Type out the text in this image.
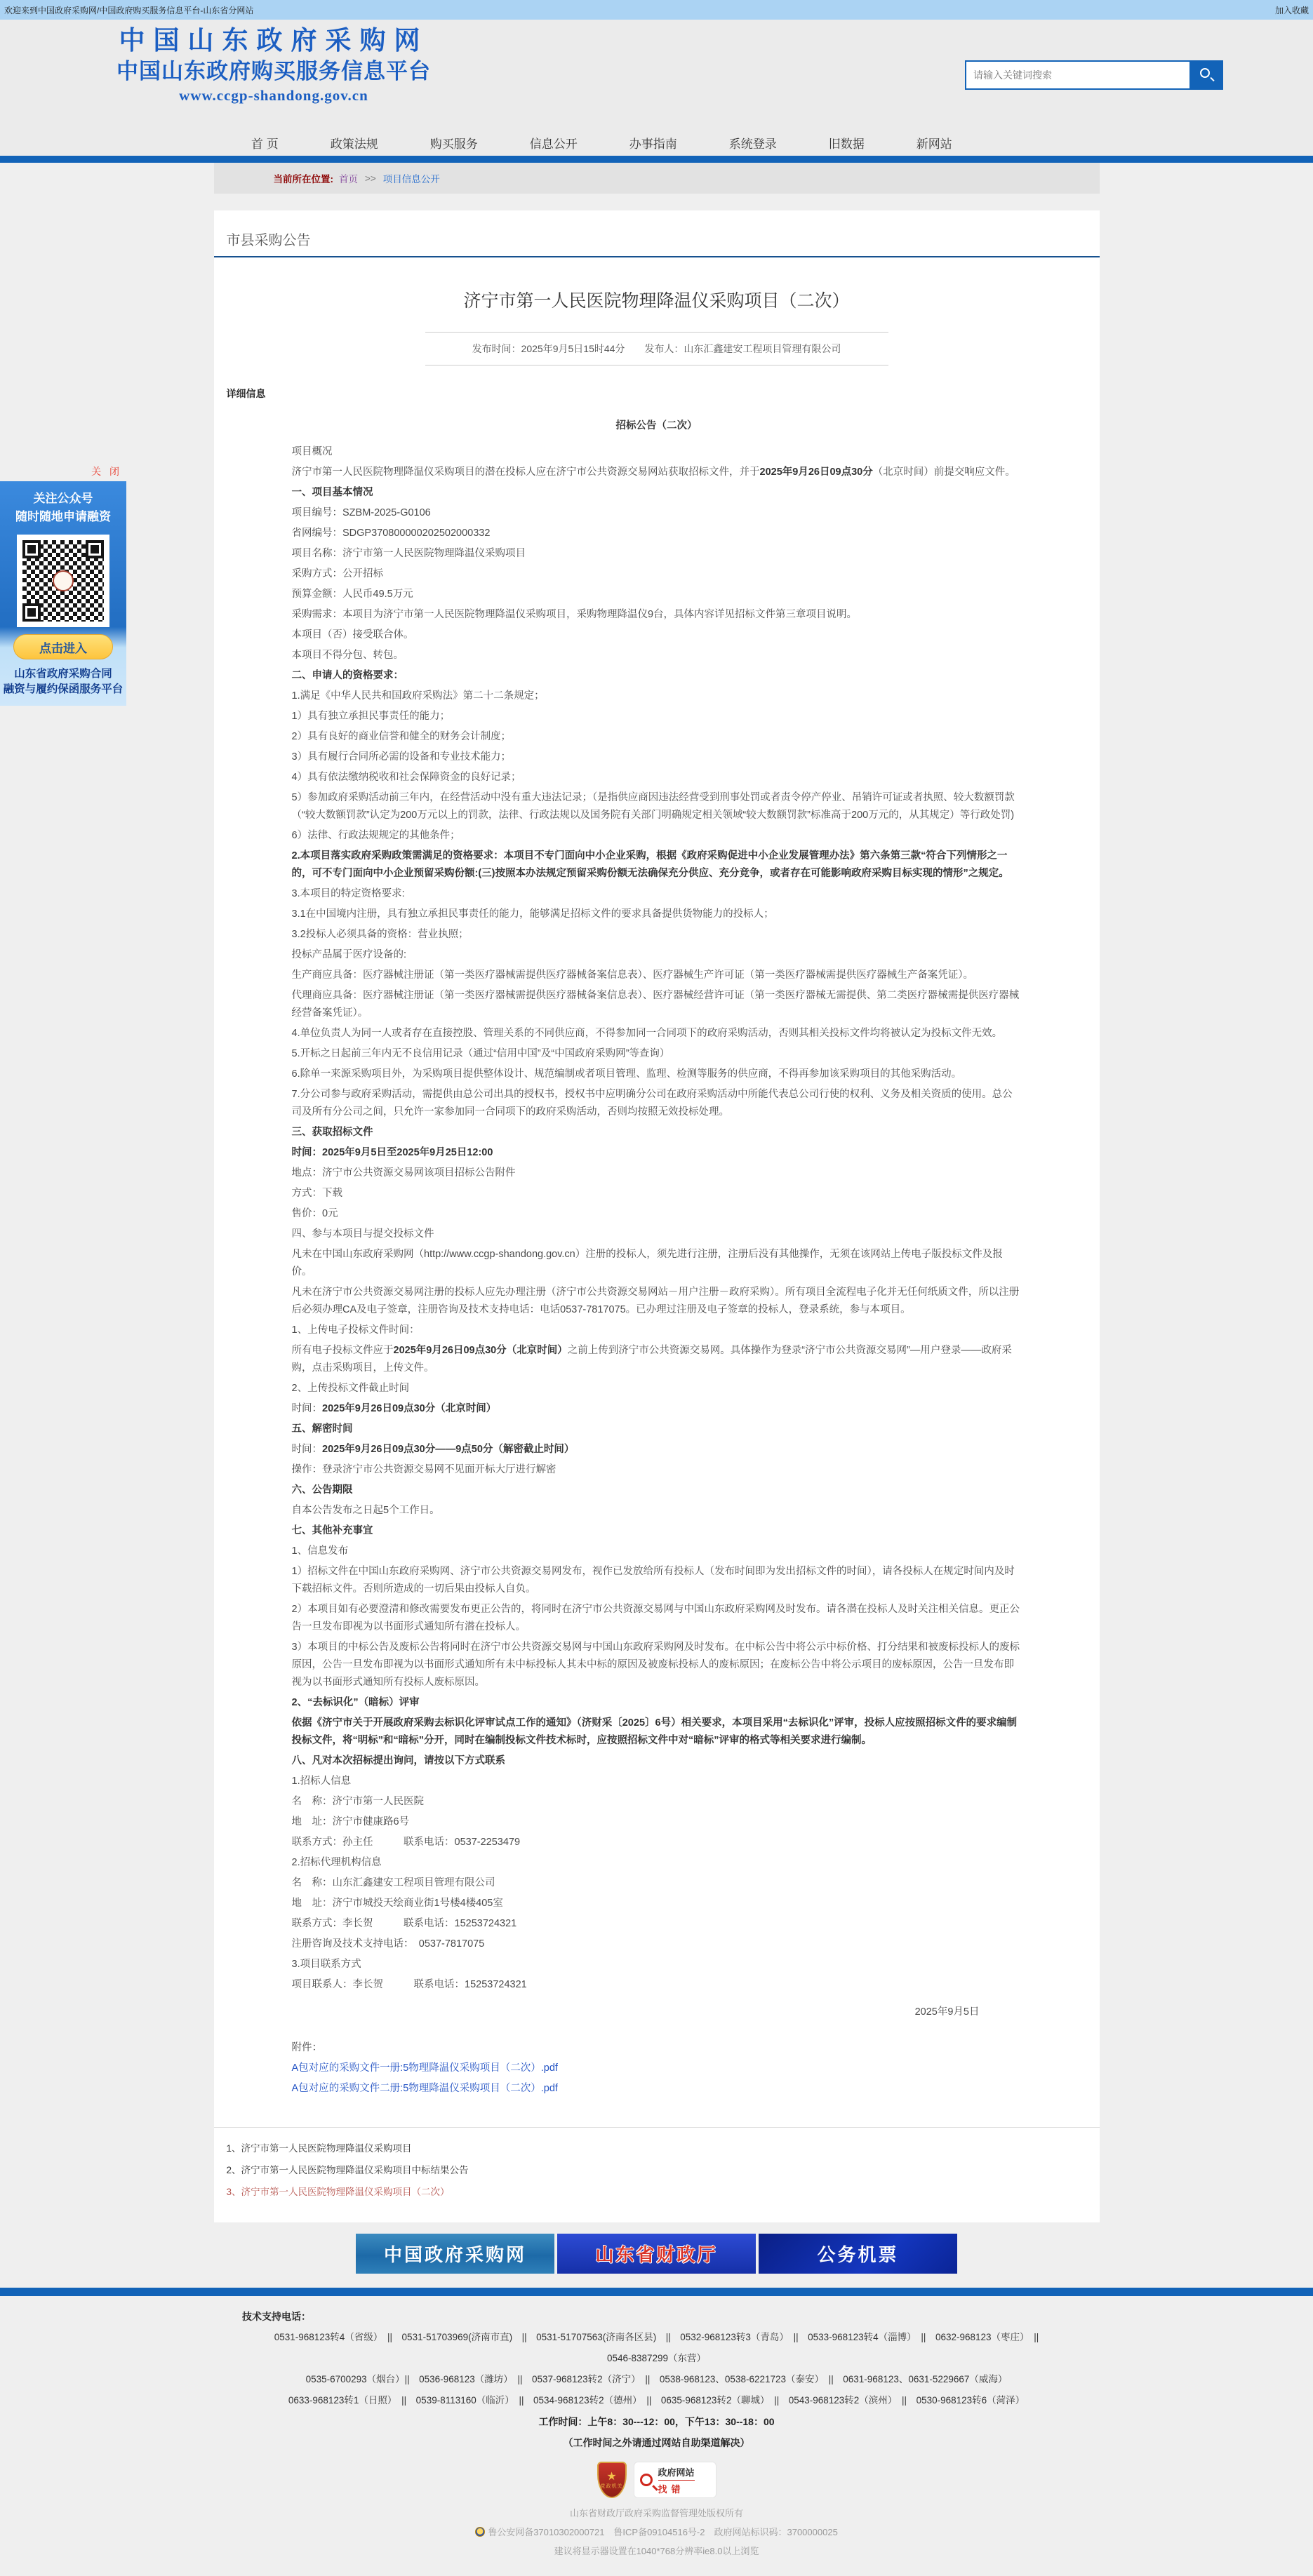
欢迎来到中国政府采购网/中国政府购买服务信息平台-山东省分网站	加入收藏
中国山东政府采购网
中国山东政府购买服务信息平台
www.ccgp-shandong.gov.cn
请输入关键词搜索
首 页	政策法规	购买服务	信息公开	办事指南	系统登录	旧数据	新网站
当前所在位置: 首页 >> 项目信息公开
市县采购公告
济宁市第一人民医院物理降温仪采购项目（二次）
发布时间：2025年9月5日15时44分　　发布人：山东汇鑫建安工程项目管理有限公司
详细信息

招标公告（二次）

项目概况

济宁市第一人民医院物理降温仪采购项目的潜在投标人应在济宁市公共资源交易网站获取招标文件，并于2025年9月26日09点30分（北京时间）前提交响应文件。

一、项目基本情况

项目编号：SZBM-2025-G0106

省网编号：SDGP370800000202502000332

项目名称：济宁市第一人民医院物理降温仪采购项目

采购方式：公开招标

预算金额：人民币49.5万元

采购需求：本项目为济宁市第一人民医院物理降温仪采购项目，采购物理降温仪9台，具体内容详见招标文件第三章项目说明。

本项目（否）接受联合体。

本项目不得分包、转包。

二、申请人的资格要求：

1.满足《中华人民共和国政府采购法》第二十二条规定；

1）具有独立承担民事责任的能力；

2）具有良好的商业信誉和健全的财务会计制度；

3）具有履行合同所必需的设备和专业技术能力；

4）具有依法缴纳税收和社会保障资金的良好记录；

5）参加政府采购活动前三年内，在经营活动中没有重大违法记录；（是指供应商因违法经营受到刑事处罚或者责令停产停业、吊销许可证或者执照、较大数额罚款（“较大数额罚款”认定为200万元以上的罚款，法律、行政法规以及国务院有关部门明确规定相关领域“较大数额罚款”标准高于200万元的，从其规定）等行政处罚)

6）法律、行政法规规定的其他条件；

2.本项目落实政府采购政策需满足的资格要求：本项目不专门面向中小企业采购，根据《政府采购促进中小企业发展管理办法》第六条第三款“符合下列情形之一的，可不专门面向中小企业预留采购份额:(三)按照本办法规定预留采购份额无法确保充分供应、充分竞争，或者存在可能影响政府采购目标实现的情形”之规定。

3.本项目的特定资格要求:

3.1在中国境内注册，具有独立承担民事责任的能力，能够满足招标文件的要求具备提供货物能力的投标人；

3.2投标人必须具备的资格：营业执照；

投标产品属于医疗设备的:

生产商应具备：医疗器械注册证（第一类医疗器械需提供医疗器械备案信息表）、医疗器械生产许可证（第一类医疗器械需提供医疗器械生产备案凭证）。

代理商应具备：医疗器械注册证（第一类医疗器械需提供医疗器械备案信息表）、医疗器械经营许可证（第一类医疗器械无需提供、第二类医疗器械需提供医疗器械经营备案凭证）。

4.单位负责人为同一人或者存在直接控股、管理关系的不同供应商，不得参加同一合同项下的政府采购活动，否则其相关投标文件均将被认定为投标文件无效。

5.开标之日起前三年内无不良信用记录（通过“信用中国”及“中国政府采购网”等查询）

6.除单一来源采购项目外，为采购项目提供整体设计、规范编制或者项目管理、监理、检测等服务的供应商，不得再参加该采购项目的其他采购活动。

7.分公司参与政府采购活动，需提供由总公司出具的授权书，授权书中应明确分公司在政府采购活动中所能代表总公司行使的权利、义务及相关资质的使用。总公司及所有分公司之间，只允许一家参加同一合同项下的政府采购活动，否则均按照无效投标处理。

三、获取招标文件

时间：2025年9月5日至2025年9月25日12:00

地点：济宁市公共资源交易网该项目招标公告附件

方式：下载

售价：0元

四、参与本项目与提交投标文件

凡未在中国山东政府采购网（http://www.ccgp-shandong.gov.cn）注册的投标人，须先进行注册，注册后没有其他操作，无须在该网站上传电子版投标文件及报价。

凡未在济宁市公共资源交易网注册的投标人应先办理注册（济宁市公共资源交易网站－用户注册－政府采购）。所有项目全流程电子化并无任何纸质文件，所以注册后必须办理CA及电子签章，注册咨询及技术支持电话：电话0537-7817075。已办理过注册及电子签章的投标人，登录系统，参与本项目。

1、上传电子投标文件时间：

所有电子投标文件应于2025年9月26日09点30分（北京时间）之前上传到济宁市公共资源交易网。具体操作为登录“济宁市公共资源交易网”—用户登录——政府采购，点击采购项目，上传文件。

2、上传投标文件截止时间

时间：2025年9月26日09点30分（北京时间）

五、解密时间

时间：2025年9月26日09点30分——9点50分（解密截止时间）

操作：登录济宁市公共资源交易网不见面开标大厅进行解密

六、公告期限

自本公告发布之日起5个工作日。

七、其他补充事宜

1、信息发布

1）招标文件在中国山东政府采购网、济宁市公共资源交易网发布，视作已发放给所有投标人（发布时间即为发出招标文件的时间），请各投标人在规定时间内及时下载招标文件。否则所造成的一切后果由投标人自负。

2）本项目如有必要澄清和修改需要发布更正公告的，将同时在济宁市公共资源交易网与中国山东政府采购网及时发布。请各潜在投标人及时关注相关信息。更正公告一旦发布即视为以书面形式通知所有潜在投标人。

3）本项目的中标公告及废标公告将同时在济宁市公共资源交易网与中国山东政府采购网及时发布。在中标公告中将公示中标价格、打分结果和被废标投标人的废标原因，公告一旦发布即视为以书面形式通知所有未中标投标人其未中标的原因及被废标投标人的废标原因；在废标公告中将公示项目的废标原因，公告一旦发布即视为以书面形式通知所有投标人废标原因。

2、“去标识化”（暗标）评审

依据《济宁市关于开展政府采购去标识化评审试点工作的通知》（济财采〔2025〕6号）相关要求，本项目采用“去标识化”评审，投标人应按照招标文件的要求编制投标文件，将“明标”和“暗标”分开，同时在编制投标文件技术标时，应按照招标文件中对“暗标”评审的格式等相关要求进行编制。

八、凡对本次招标提出询问，请按以下方式联系

1.招标人信息

名　称：济宁市第一人民医院

地　址：济宁市健康路6号

联系方式：孙主任　　　联系电话：0537-2253479

2.招标代理机构信息

名　称：山东汇鑫建安工程项目管理有限公司

地　址：济宁市城投天绘商业街1号楼4楼405室

联系方式：李长贺　　　联系电话：15253724321

注册咨询及技术支持电话：　0537-7817075

3.项目联系方式

项目联系人：李长贺　　　联系电话：15253724321

2025年9月5日

附件：

A包对应的采购文件一册:5物理降温仪采购项目（二次）.pdf
A包对应的采购文件二册:5物理降温仪采购项目（二次）.pdf
1、济宁市第一人民医院物理降温仪采购项目
2、济宁市第一人民医院物理降温仪采购项目中标结果公告
3、济宁市第一人民医院物理降温仪采购项目（二次）
中国政府采购网	山东省财政厅	公务机票
技术支持电话：
0531-968123转4（省级）　||　0531-51703969(济南市直)　||　0531-51707563(济南各区县)　||　0532-968123转3（青岛）　||　0533-968123转4（淄博）　||　0632-968123（枣庄）　||
0546-8387299（东营）
0535-6700293（烟台）||　0536-968123（潍坊）　||　0537-968123转2（济宁）　||　0538-968123、0538-6221723（泰安）　||　0631-968123、0631-5229667（威海）
0633-968123转1（日照）　||　0539-8113160（临沂）　||　0534-968123转2（德州）　||　0635-968123转2（聊城）　||　0543-968123转2（滨州）　||　0530-968123转6（菏泽）
工作时间：上午8：30---12：00，下午13：30--18：00
（工作时间之外请通过网站自助渠道解决）
★
党政机关
政府网站
找错
山东省财政厅政府采购监督管理处版权所有
鲁公安网备37010302000721　鲁ICP备09104516号-2　政府网站标识码：3700000025
建议将显示器设置在1040*768分辨率ie8.0以上浏览
关 闭
关注公众号
随时随地申请融资
点击进入
山东省政府采购合同
融资与履约保函服务平台
